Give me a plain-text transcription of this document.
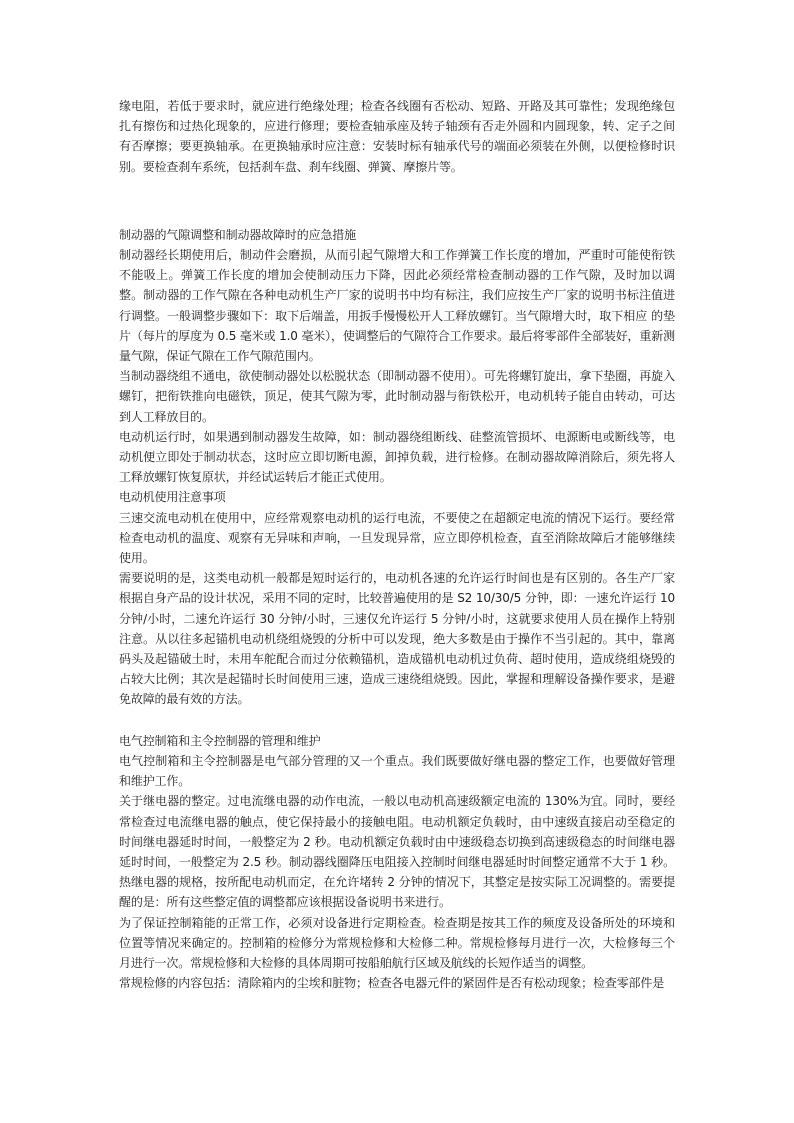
缘电阻，若低于要求时，就应进行绝缘处理；检查各线圈有否松动、短路、开路及其可靠性；发现绝缘包扎有擦伤和过热化现象的，应进行修理；要检查轴承座及转子轴颈有否走外圆和内圆现象，转、定子之间有否摩擦；要更换轴承。在更换轴承时应注意：安装时标有轴承代号的端面必须装在外侧，以便检修时识别。要检查刹车系统，包括刹车盘、刹车线圈、弹簧、摩擦片等。

制动器的气隙调整和制动器故障时的应急措施

制动器经长期使用后，制动件会磨损，从而引起气隙增大和工作弹簧工作长度的增加，严重时可能使衔铁不能吸上。弹簧工作长度的增加会使制动压力下降，因此必须经常检查制动器的工作气隙，及时加以调整。制动器的工作气隙在各种电动机生产厂家的说明书中均有标注，我们应按生产厂家的说明书标注值进行调整。一般调整步骤如下：取下后端盖，用扳手慢慢松开人工释放螺钉。当气隙增大时，取下相应 的垫片（每片的厚度为 0.5 毫米或 1.0 毫米），使调整后的气隙符合工作要求。最后将零部件全部装好，重新测量气隙，保证气隙在工作气隙范围内。

当制动器绕组不通电，欲使制动器处以松脱状态（即制动器不使用）。可先将螺钉旋出，拿下垫圈，再旋入螺钉，把衔铁推向电磁铁，顶足，使其气隙为零，此时制动器与衔铁松开，电动机转子能自由转动，可达到人工释放目的。

电动机运行时，如果遇到制动器发生故障，如：制动器绕组断线、硅整流管损坏、电源断电或断线等，电动机便立即处于制动状态，这时应立即切断电源，卸掉负载，进行检修。在制动器故障消除后，须先将人工释放螺钉恢复原状，并经试运转后才能正式使用。

电动机使用注意事项

三速交流电动机在使用中，应经常观察电动机的运行电流，不要使之在超额定电流的情况下运行。要经常检查电动机的温度、观察有无异味和声响，一旦发现异常，应立即停机检查，直至消除故障后才能够继续使用。

需要说明的是，这类电动机一般都是短时运行的，电动机各速的允许运行时间也是有区别的。各生产厂家根据自身产品的设计状况，采用不同的定时，比较普遍使用的是 S2 10/30/5 分钟，即：一速允许运行 10 分钟/小时，二速允许运行 30 分钟/小时，三速仅允许运行 5 分钟/小时，这就要求使用人员在操作上特别注意。从以往多起锚机电动机绕组烧毁的分析中可以发现，绝大多数是由于操作不当引起的。其中，靠离码头及起锚破土时，未用车舵配合而过分依赖锚机，造成锚机电动机过负荷、超时使用，造成绕组烧毁的占较大比例；其次是起锚时长时间使用三速，造成三速绕组烧毁。因此，掌握和理解设备操作要求，是避免故障的最有效的方法。

电气控制箱和主令控制器的管理和维护

电气控制箱和主令控制器是电气部分管理的又一个重点。我们既要做好继电器的整定工作，也要做好管理和维护工作。

关于继电器的整定。过电流继电器的动作电流，一般以电动机高速级额定电流的 130%为宜。同时，要经常检查过电流继电器的触点，使它保持最小的接触电阻。电动机额定负载时，由中速级直接启动至稳定的时间继电器延时时间，一般整定为 2 秒。电动机额定负载时由中速级稳态切换到高速级稳态的时间继电器延时时间，一般整定为 2.5 秒。制动器线圈降压电阻接入控制时间继电器延时时间整定通常不大于 1 秒。热继电器的规格，按所配电动机而定，在允许堵转 2 分钟的情况下，其整定是按实际工况调整的。需要提醒的是：所有这些整定值的调整都应该根据设备说明书来进行。

为了保证控制箱能的正常工作，必须对设备进行定期检查。检查期是按其工作的频度及设备所处的环境和位置等情况来确定的。控制箱的检修分为常规检修和大检修二种。常规检修每月进行一次，大检修每三个月进行一次。常规检修和大检修的具体周期可按船舶航行区域及航线的长短作适当的调整。

常规检修的内容包括：清除箱内的尘埃和脏物；检查各电器元件的紧固件是否有松动现象；检查零部件是
